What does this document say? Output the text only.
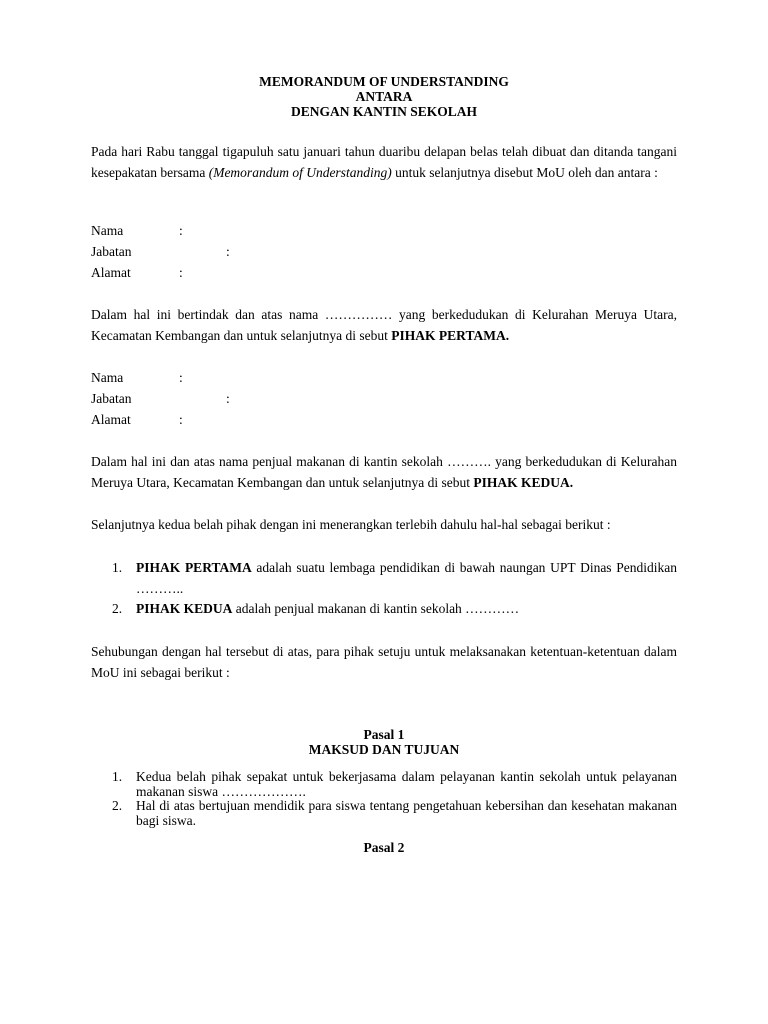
MEMORANDUM OF UNDERSTANDING
ANTARA
DENGAN KANTIN SEKOLAH
Pada hari Rabu tanggal tigapuluh satu januari tahun duaribu delapan belas telah dibuat dan ditanda tangani kesepakatan bersama (Memorandum of Understanding) untuk selanjutnya disebut MoU oleh dan antara :
Nama	:
Jabatan	:
Alamat	:
Dalam hal ini bertindak dan atas nama …………… yang berkedudukan di Kelurahan Meruya Utara, Kecamatan Kembangan dan untuk selanjutnya di sebut PIHAK PERTAMA.
Nama	:
Jabatan	:
Alamat	:
Dalam hal ini dan atas nama penjual makanan di kantin sekolah ………. yang berkedudukan di Kelurahan Meruya Utara, Kecamatan Kembangan dan untuk selanjutnya di sebut PIHAK KEDUA.
Selanjutnya kedua belah pihak dengan ini menerangkan terlebih dahulu hal-hal sebagai berikut :
1. PIHAK PERTAMA adalah suatu lembaga pendidikan di bawah naungan UPT Dinas Pendidikan ………..
2. PIHAK KEDUA adalah penjual makanan di kantin sekolah …………
Sehubungan dengan hal tersebut di atas, para pihak setuju untuk melaksanakan ketentuan-ketentuan dalam MoU ini sebagai berikut :
Pasal 1
MAKSUD DAN TUJUAN
1. Kedua belah pihak sepakat untuk bekerjasama dalam pelayanan kantin sekolah untuk pelayanan makanan siswa ……………….
2. Hal di atas bertujuan mendidik para siswa tentang pengetahuan kebersihan dan kesehatan makanan bagi siswa.
Pasal 2
